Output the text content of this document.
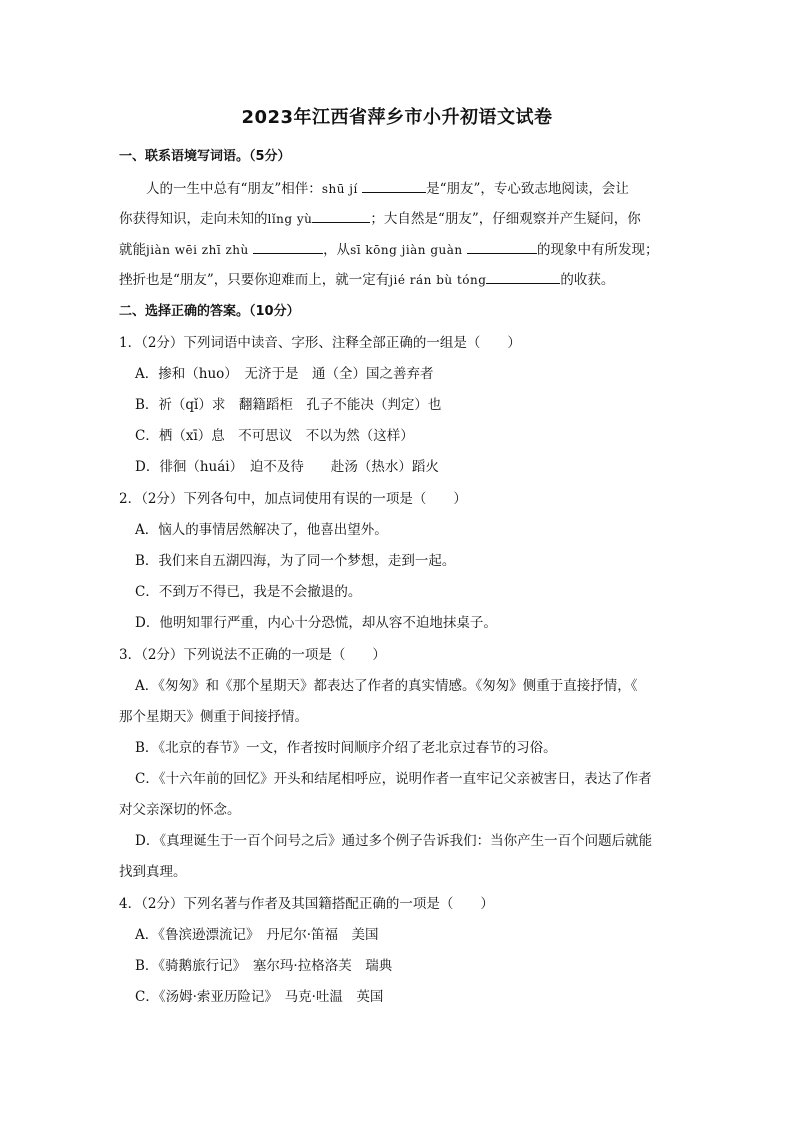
2023年江西省萍乡市小升初语文试卷
一、联系语境写词语。（5分）
人的一生中总有“朋友”相伴：shū jí	是“朋友”，专心致志地阅读，会让
你获得知识，走向未知的lǐng yù	；大自然是“朋友”，仔细观察并产生疑问，你
就能jiàn wēi zhī zhù	，从sī kōng jiàn guàn	的现象中有所发现；
挫折也是“朋友”，只要你迎难而上，就一定有jié rán bù tóng	的收获。
二、选择正确的答案。（10分）
1．（2分）下列词语中读音、字形、注释全部正确的一组是（　　）
A．掺和（huo）　无济于是　通（全）国之善弃者
B．祈（qǐ）求　翻籍蹈柜　孔子不能决（判定）也
C．栖（xī）息　不可思议　不以为然（这样）
D．徘徊（huái）　迫不及待　　赴汤（热水）蹈火
2．（2分）下列各句中，加点词使用有误的一项是（　　）
A．恼人的事情居然解决了，他喜出望外。
B．我们来自五湖四海，为了同一个梦想，走到一起。
C．不到万不得已，我是不会撤退的。
D．他明知罪行严重，内心十分恐慌，却从容不迫地抹桌子。
3．（2分）下列说法不正确的一项是（　　）
A．《匆匆》和《那个星期天》都表达了作者的真实情感。《匆匆》侧重于直接抒情，《
那个星期天》侧重于间接抒情。
B．《北京的春节》一文，作者按时间顺序介绍了老北京过春节的习俗。
C．《十六年前的回忆》开头和结尾相呼应，说明作者一直牢记父亲被害日，表达了作者
对父亲深切的怀念。
D．《真理诞生于一百个问号之后》通过多个例子告诉我们：当你产生一百个问题后就能
找到真理。
4．（2分）下列名著与作者及其国籍搭配正确的一项是（　　）
A．《鲁滨逊漂流记》　丹尼尔·笛福　美国
B．《骑鹅旅行记》　塞尔玛·拉格洛芙　瑞典
C．《汤姆·索亚历险记》　马克·吐温　英国
